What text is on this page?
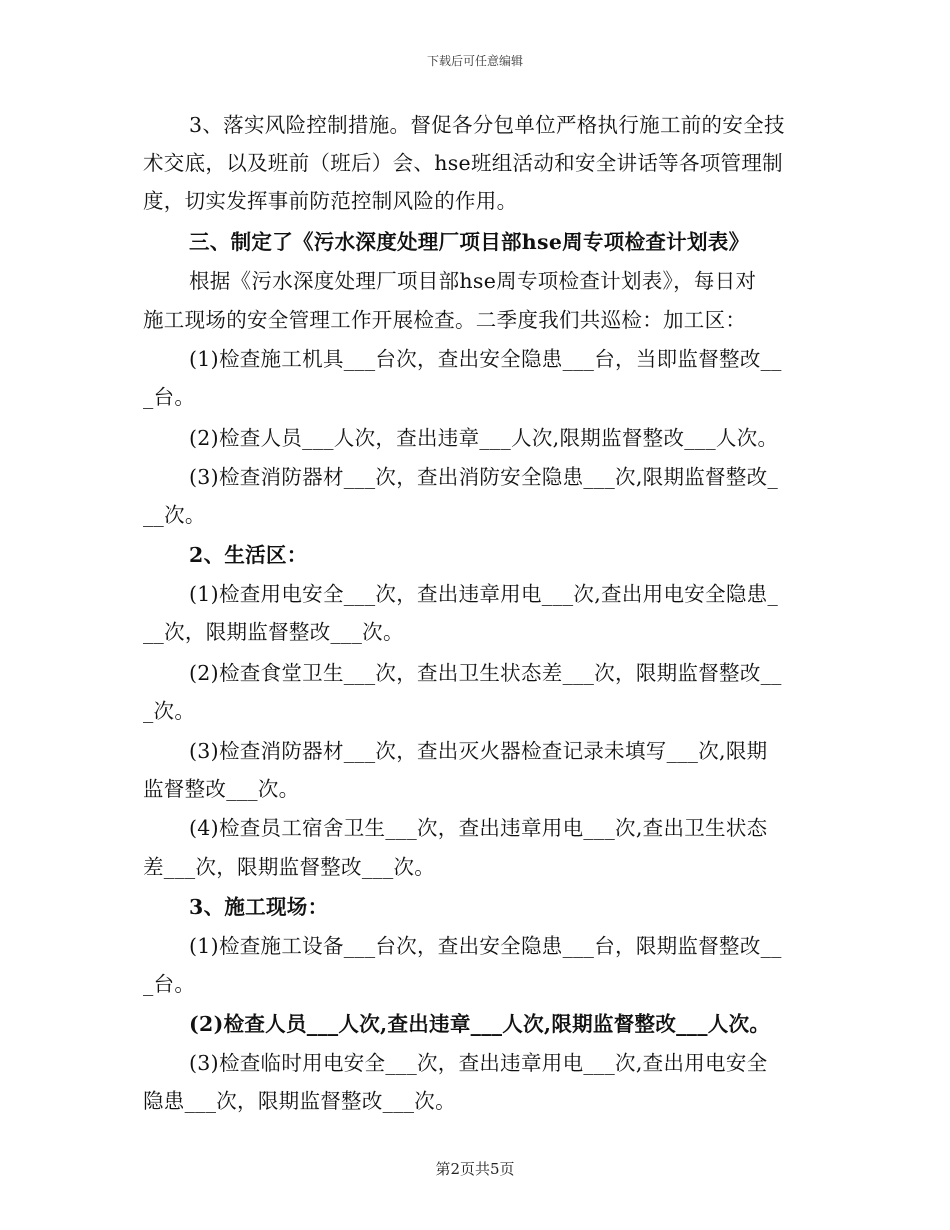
下载后可任意编辑
3、落实风险控制措施。督促各分包单位严格执行施工前的安全技
术交底，以及班前（班后）会、hse班组活动和安全讲话等各项管理制
度，切实发挥事前防范控制风险的作用。
三、制定了《污水深度处理厂项目部hse周专项检查计划表》
根据《污水深度处理厂项目部hse周专项检查计划表》，每日对
施工现场的安全管理工作开展检查。二季度我们共巡检：加工区：
(1)检查施工机具___台次，查出安全隐患___台，当即监督整改__
_台。
(2)检查人员___人次，查出违章___人次,限期监督整改___人次。
(3)检查消防器材___次，查出消防安全隐患___次,限期监督整改_
__次。
2、生活区：
(1)检查用电安全___次，查出违章用电___次,查出用电安全隐患_
__次，限期监督整改___次。
(2)检查食堂卫生___次，查出卫生状态差___次，限期监督整改__
_次。
(3)检查消防器材___次，查出灭火器检查记录未填写___次,限期
监督整改___次。
(4)检查员工宿舍卫生___次，查出违章用电___次,查出卫生状态
差___次，限期监督整改___次。
3、施工现场：
(1)检查施工设备___台次，查出安全隐患___台，限期监督整改__
_台。
(2)检查人员___人次,查出违章___人次,限期监督整改___人次。
(3)检查临时用电安全___次，查出违章用电___次,查出用电安全
隐患___次，限期监督整改___次。
第2页共5页
